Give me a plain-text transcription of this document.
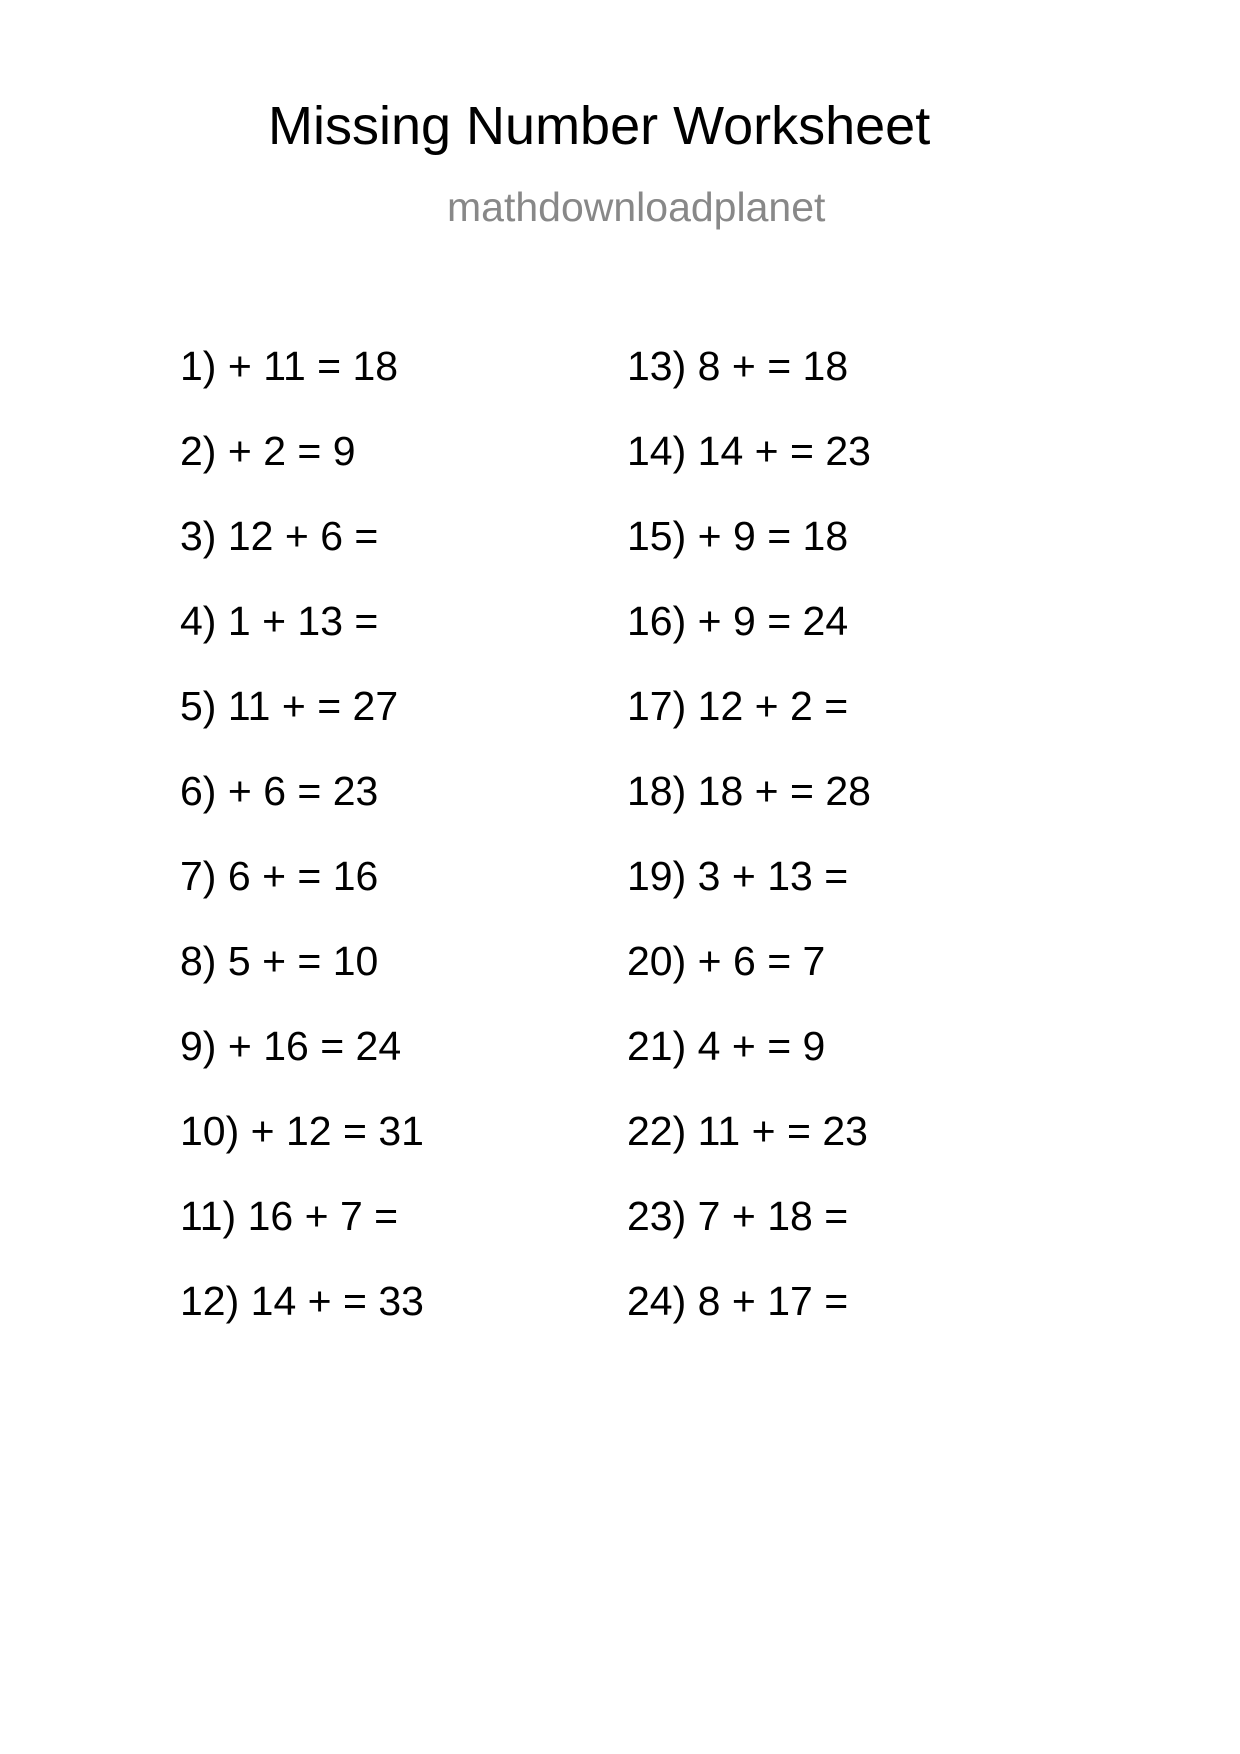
Missing Number Worksheet
mathdownloadplanet
1) + 11 = 18
2) + 2 = 9
3) 12 + 6 =
4) 1 + 13 =
5) 11 + = 27
6) + 6 = 23
7) 6 + = 16
8) 5 + = 10
9) + 16 = 24
10) + 12 = 31
11) 16 + 7 =
12) 14 + = 33
13) 8 + = 18
14) 14 + = 23
15) + 9 = 18
16) + 9 = 24
17) 12 + 2 =
18) 18 + = 28
19) 3 + 13 =
20) + 6 = 7
21) 4 + = 9
22) 11 + = 23
23) 7 + 18 =
24) 8 + 17 =
